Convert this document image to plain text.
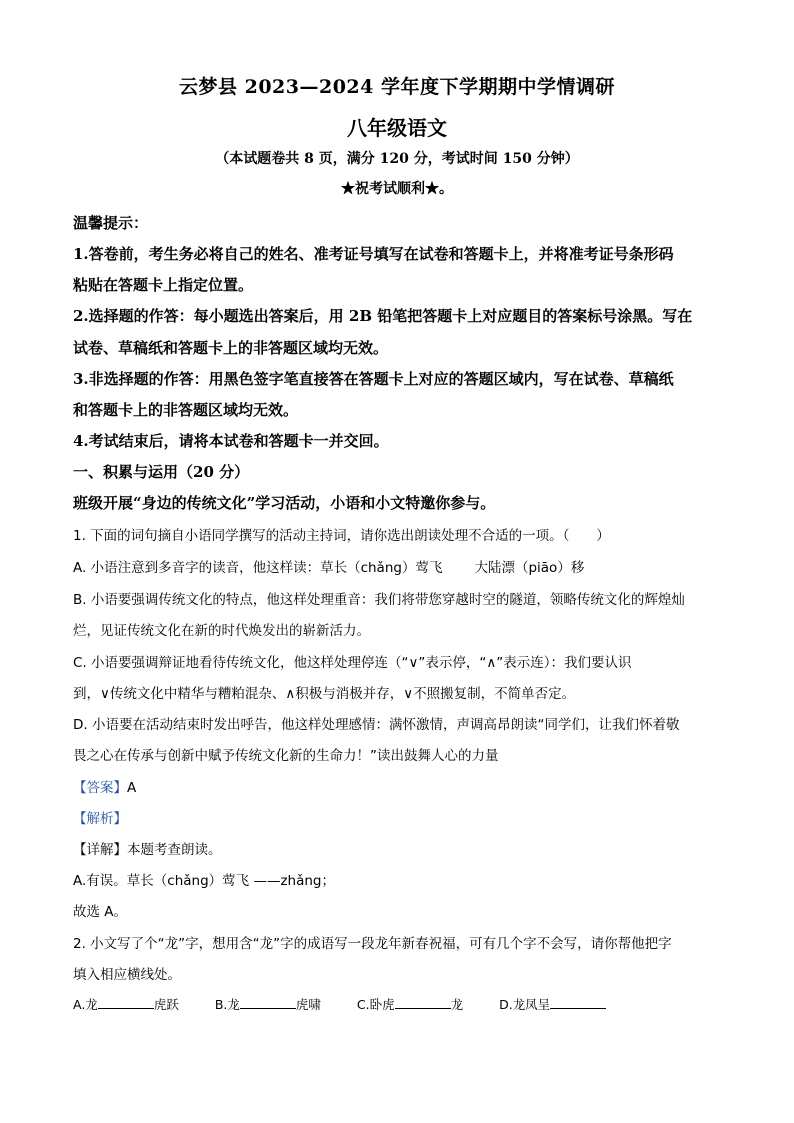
云梦县 2023—2024 学年度下学期期中学情调研
八年级语文
（本试题卷共 8 页，满分 120 分，考试时间 150 分钟）
★祝考试顺利★。
温馨提示：
1.答卷前，考生务必将自己的姓名、准考证号填写在试卷和答题卡上，并将准考证号条形码
粘贴在答题卡上指定位置。
2.选择题的作答：每小题选出答案后，用 2B 铅笔把答题卡上对应题目的答案标号涂黑。写在
试卷、草稿纸和答题卡上的非答题区域均无效。
3.非选择题的作答：用黑色签字笔直接答在答题卡上对应的答题区域内，写在试卷、草稿纸
和答题卡上的非答题区域均无效。
4.考试结束后，请将本试卷和答题卡一并交回。
一、积累与运用（20 分）
班级开展“身边的传统文化”学习活动，小语和小文特邀你参与。
1. 下面的词句摘自小语同学撰写的活动主持词，请你选出朗读处理不合适的一项。（　　）
A. 小语注意到多音字的读音，他这样读：草长（chǎng）莺飞 大陆漂（piāo）移
B. 小语要强调传统文化的特点，他这样处理重音：我们将带您穿越时空的隧道，领略传统文化的辉煌灿
烂，见证传统文化在新的时代焕发出的崭新活力。
C. 小语要强调辩证地看待传统文化，他这样处理停连（“∨”表示停，“∧”表示连）：我们要认识
到，∨传统文化中精华与糟粕混杂、∧积极与消极并存，∨不照搬复制，不简单否定。
D. 小语要在活动结束时发出呼告，他这样处理感情：满怀激情，声调高昂朗读“同学们，让我们怀着敬
畏之心在传承与创新中赋予传统文化新的生命力！”读出鼓舞人心的力量
【答案】A
【解析】
【详解】本题考查朗读。
A.有误。草长（chǎng）莺飞 ——zhǎng；
故选 A。
2. 小文写了个“龙”字，想用含“龙”字的成语写一段龙年新春祝福，可有几个字不会写，请你帮他把字
填入相应横线处。
A.龙	虎跃	B.龙	虎啸	C.卧虎	龙	D.龙凤呈
